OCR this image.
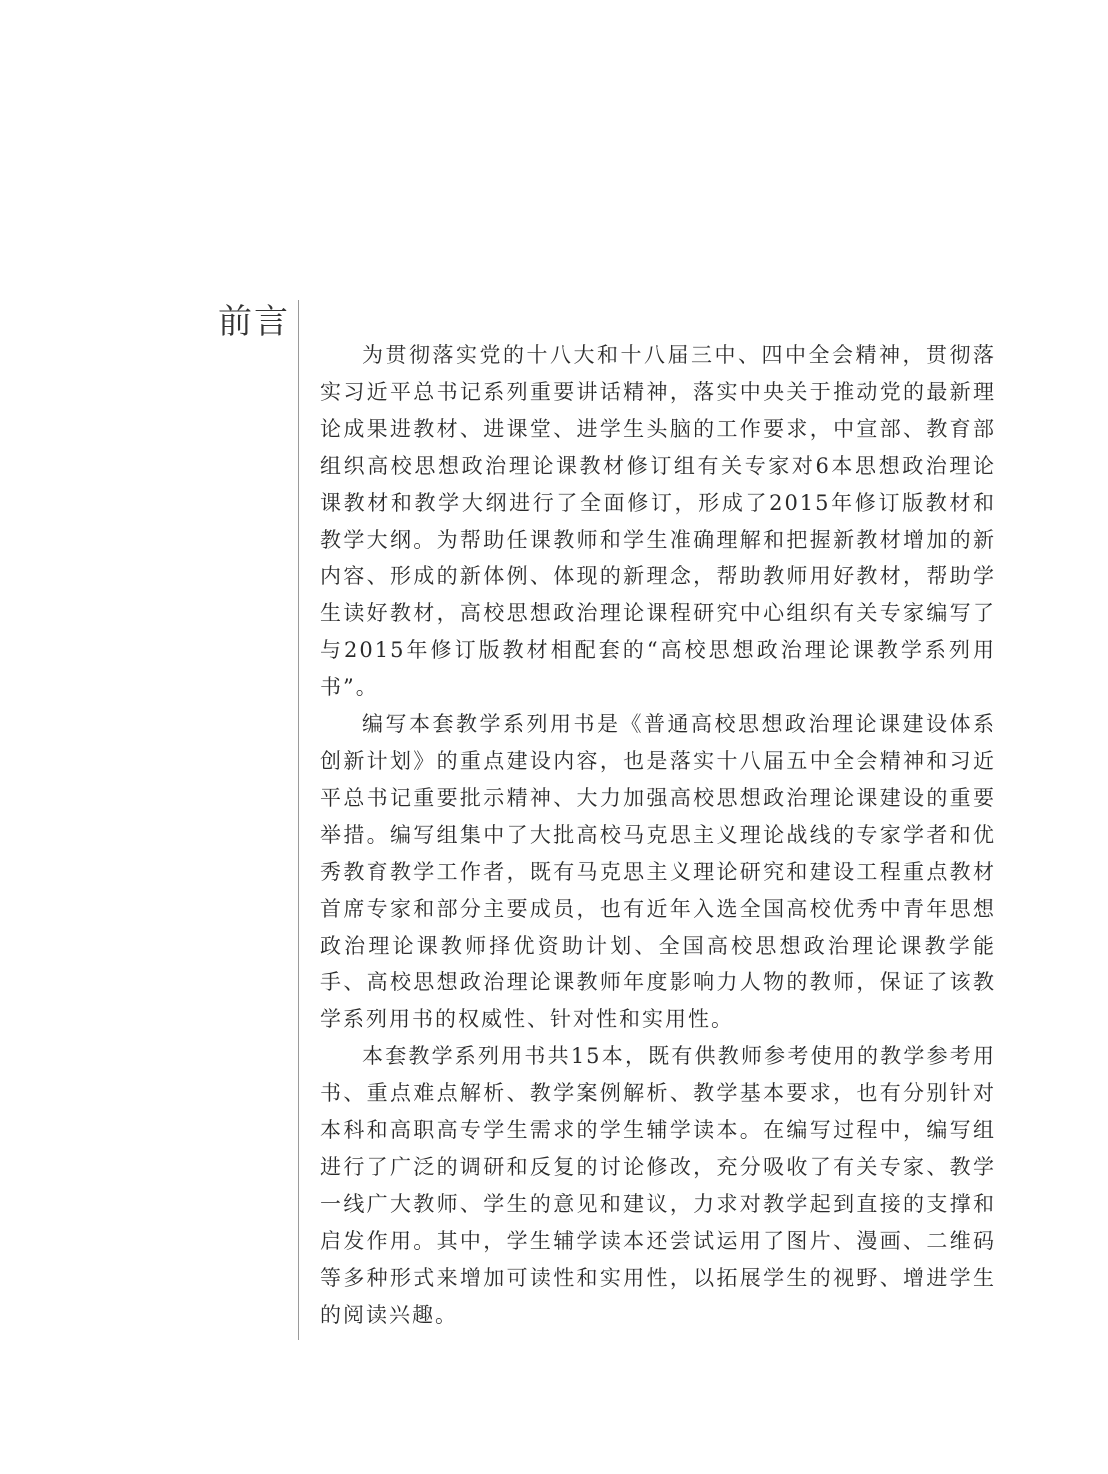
前言

为贯彻落实党的十八大和十八届三中、四中全会精神，贯彻落实习近平总书记系列重要讲话精神，落实中央关于推动党的最新理论成果进教材、进课堂、进学生头脑的工作要求，中宣部、教育部组织高校思想政治理论课教材修订组有关专家对6本思想政治理论课教材和教学大纲进行了全面修订，形成了2015年修订版教材和教学大纲。为帮助任课教师和学生准确理解和把握新教材增加的新内容、形成的新体例、体现的新理念，帮助教师用好教材，帮助学生读好教材，高校思想政治理论课程研究中心组织有关专家编写了与2015年修订版教材相配套的“高校思想政治理论课教学系列用书”。

编写本套教学系列用书是《普通高校思想政治理论课建设体系创新计划》的重点建设内容，也是落实十八届五中全会精神和习近平总书记重要批示精神、大力加强高校思想政治理论课建设的重要举措。编写组集中了大批高校马克思主义理论战线的专家学者和优秀教育教学工作者，既有马克思主义理论研究和建设工程重点教材首席专家和部分主要成员，也有近年入选全国高校优秀中青年思想政治理论课教师择优资助计划、全国高校思想政治理论课教学能手、高校思想政治理论课教师年度影响力人物的教师，保证了该教学系列用书的权威性、针对性和实用性。

本套教学系列用书共15本，既有供教师参考使用的教学参考用书、重点难点解析、教学案例解析、教学基本要求，也有分别针对本科和高职高专学生需求的学生辅学读本。在编写过程中，编写组进行了广泛的调研和反复的讨论修改，充分吸收了有关专家、教学一线广大教师、学生的意见和建议，力求对教学起到直接的支撑和启发作用。其中，学生辅学读本还尝试运用了图片、漫画、二维码等多种形式来增加可读性和实用性，以拓展学生的视野、增进学生的阅读兴趣。
